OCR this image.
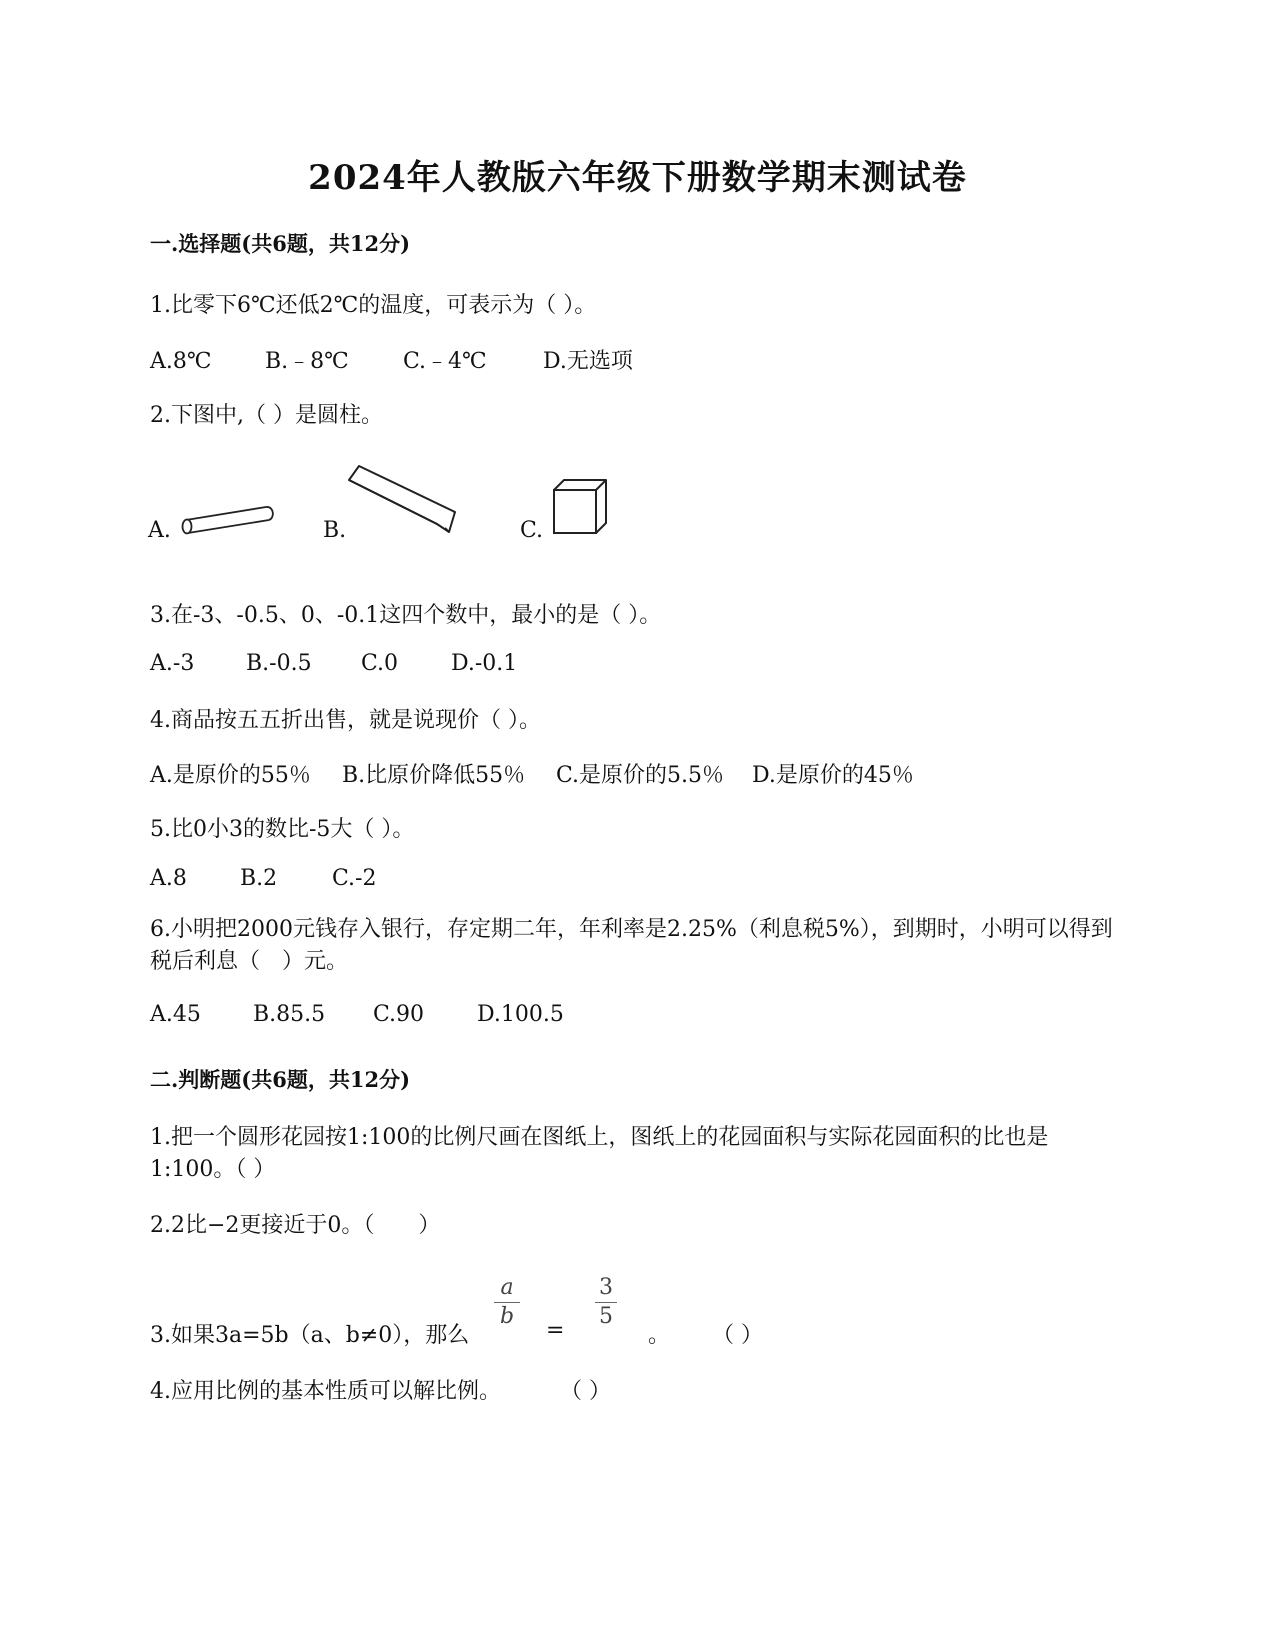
2024年人教版六年级下册数学期末测试卷
一.选择题(共6题，共12分)
1.比零下6℃还低2℃的温度，可表示为（ ）。
A.8℃ B.﹣8℃ C.﹣4℃	D.无选项
2.下图中,（ ）是圆柱。
A.	B.	C.
3.在-3、-0.5、0、-0.1这四个数中，最小的是（ ）。
A.-3 B.-0.5 C.0 D.-0.1
4.商品按五五折出售，就是说现价（ ）。
A.是原价的55％ B.比原价降低55％ C.是原价的5.5％ D.是原价的45％
5.比0小3的数比-5大（ ）。
A.8 B.2 C.-2
6.小明把2000元钱存入银行，存定期二年，年利率是2.25%（利息税5%），到期时，小明可以得到税后利息（　）元。
A.45 B.85.5 C.90 D.100.5
二.判断题(共6题，共12分)
1.把一个圆形花园按1:100的比例尺画在图纸上，图纸上的花园面积与实际花园面积的比也是1:100。（ ）
2.2比−2更接近于0。（　　）
3.如果3a=5b（a、b≠0），那么
a
b
=
3
5
。 （ ）
4.应用比例的基本性质可以解比例。	（ ）
